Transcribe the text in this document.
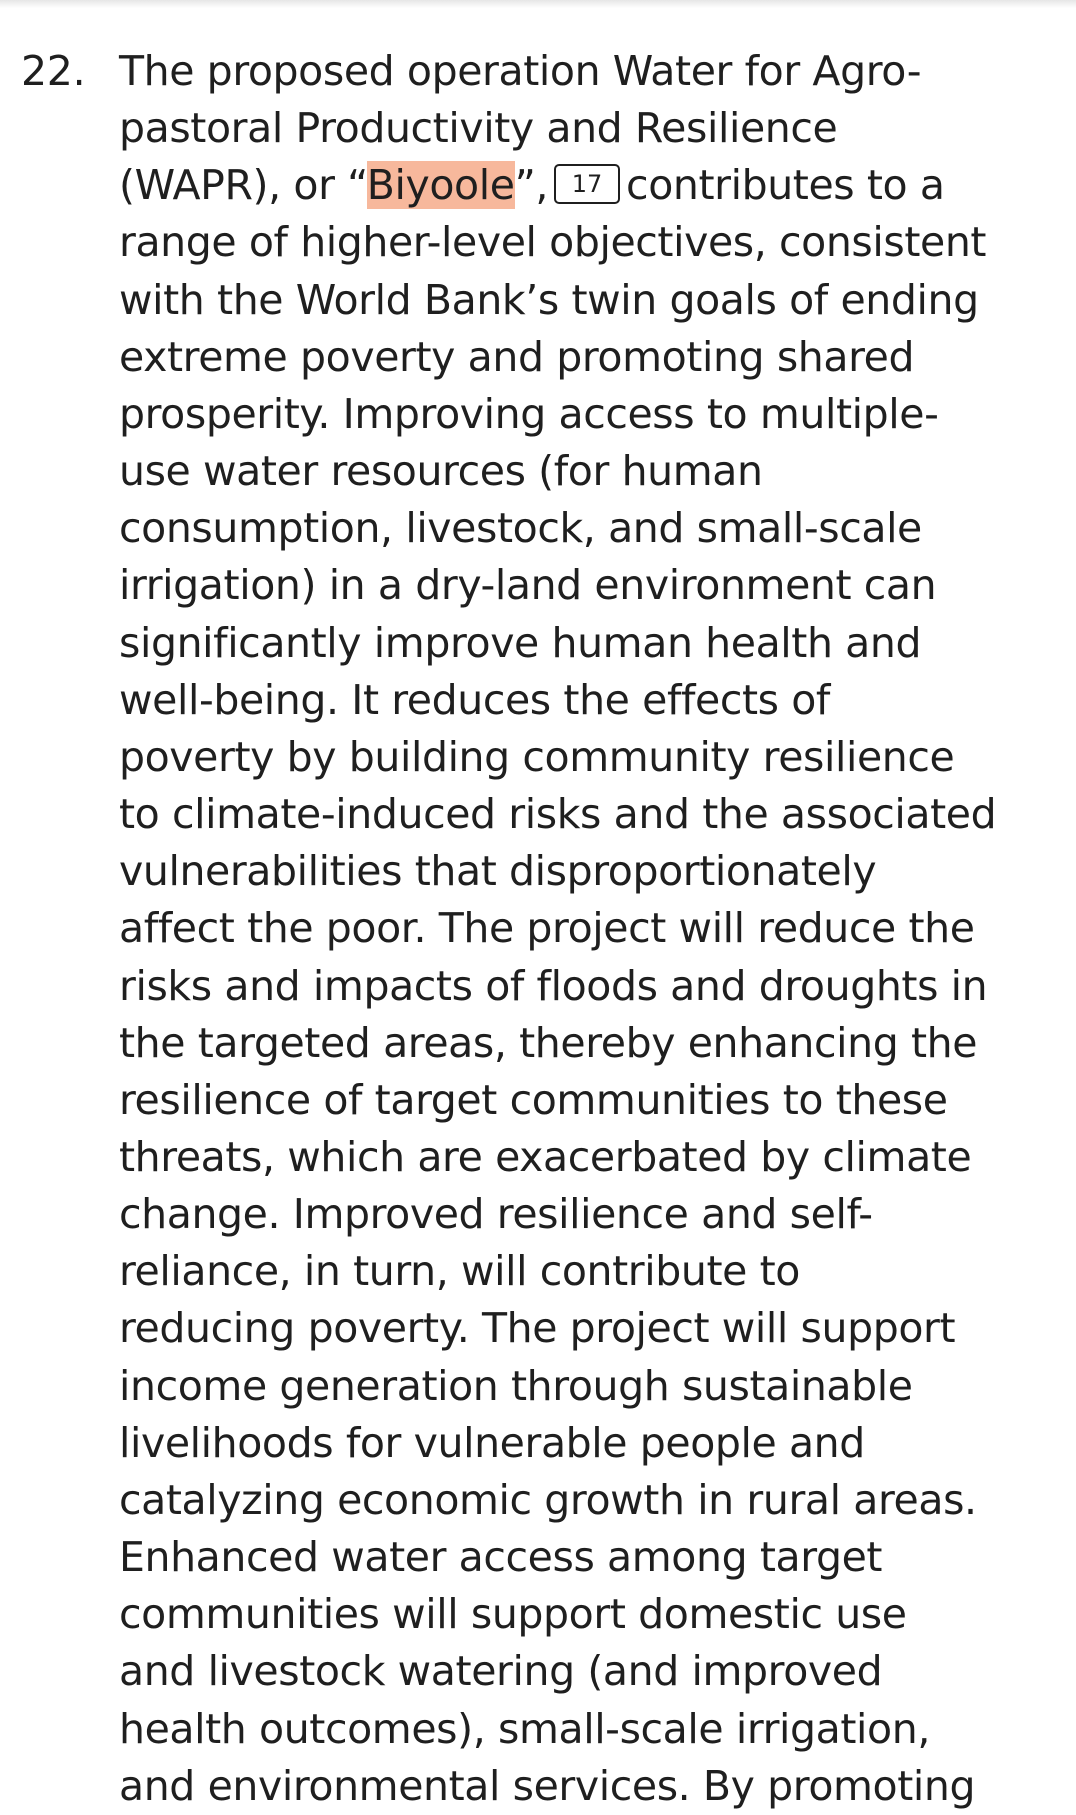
22. The proposed operation Water for Agro-
pastoral Productivity and Resilience
(WAPR), or “Biyoole”, 17 contributes to a
range of higher-level objectives, consistent
with the World Bank’s twin goals of ending
extreme poverty and promoting shared
prosperity. Improving access to multiple-
use water resources (for human
consumption, livestock, and small-scale
irrigation) in a dry-land environment can
significantly improve human health and
well-being. It reduces the effects of
poverty by building community resilience
to climate-induced risks and the associated
vulnerabilities that disproportionately
affect the poor. The project will reduce the
risks and impacts of floods and droughts in
the targeted areas, thereby enhancing the
resilience of target communities to these
threats, which are exacerbated by climate
change. Improved resilience and self-
reliance, in turn, will contribute to
reducing poverty. The project will support
income generation through sustainable
livelihoods for vulnerable people and
catalyzing economic growth in rural areas.
Enhanced water access among target
communities will support domestic use
and livestock watering (and improved
health outcomes), small-scale irrigation,
and environmental services. By promoting
